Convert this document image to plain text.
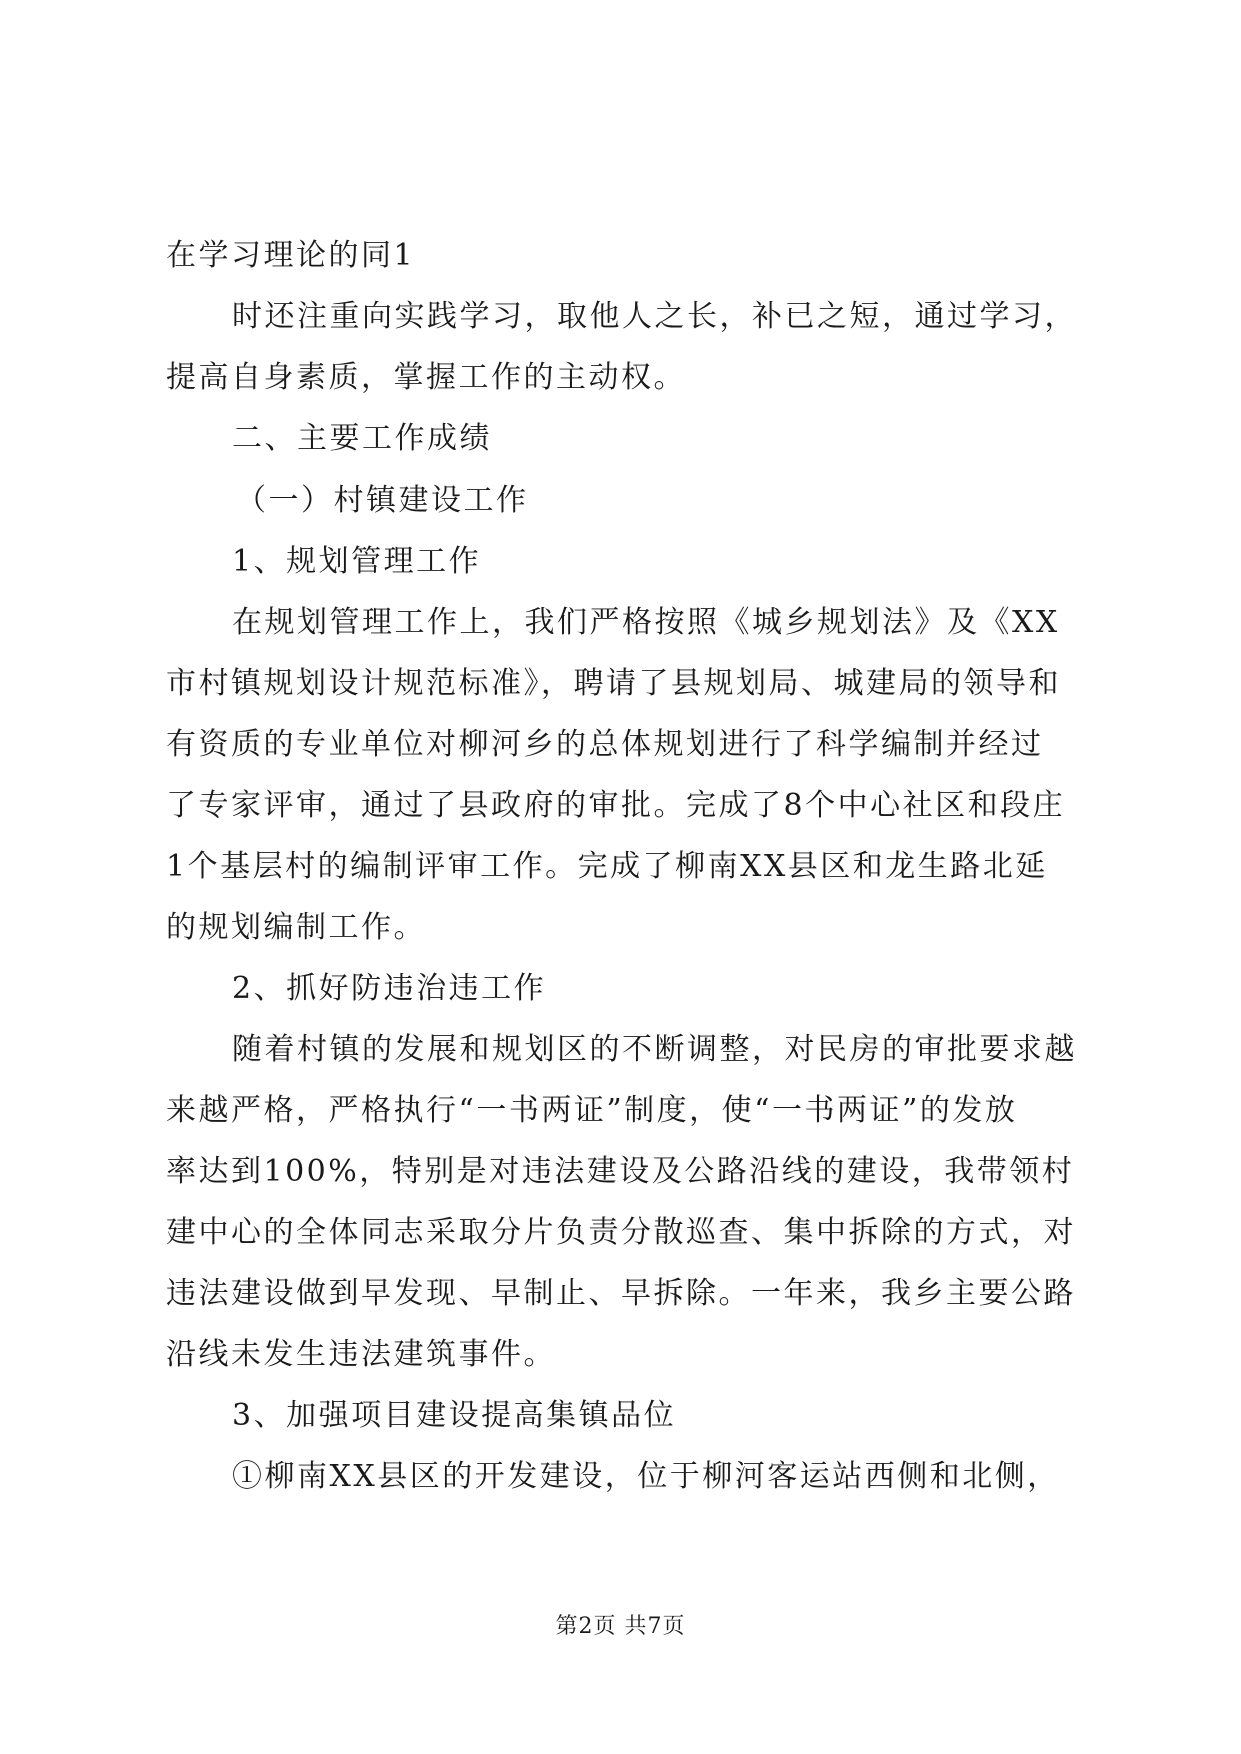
在学习理论的同1
时还注重向实践学习，取他人之长，补已之短，通过学习，
提高自身素质，掌握工作的主动权。
二、主要工作成绩
（一）村镇建设工作
1、规划管理工作
在规划管理工作上，我们严格按照《城乡规划法》及《XX
市村镇规划设计规范标准》，聘请了县规划局、城建局的领导和
有资质的专业单位对柳河乡的总体规划进行了科学编制并经过
了专家评审，通过了县政府的审批。完成了8个中心社区和段庄
1个基层村的编制评审工作。完成了柳南XX县区和龙生路北延
的规划编制工作。
2、抓好防违治违工作
随着村镇的发展和规划区的不断调整，对民房的审批要求越
来越严格，严格执行“一书两证”制度，使“一书两证”的发放
率达到100%，特别是对违法建设及公路沿线的建设，我带领村
建中心的全体同志采取分片负责分散巡查、集中拆除的方式，对
违法建设做到早发现、早制止、早拆除。一年来，我乡主要公路
沿线未发生违法建筑事件。
3、加强项目建设提高集镇品位
①柳南XX县区的开发建设，位于柳河客运站西侧和北侧，
第2页 共7页
